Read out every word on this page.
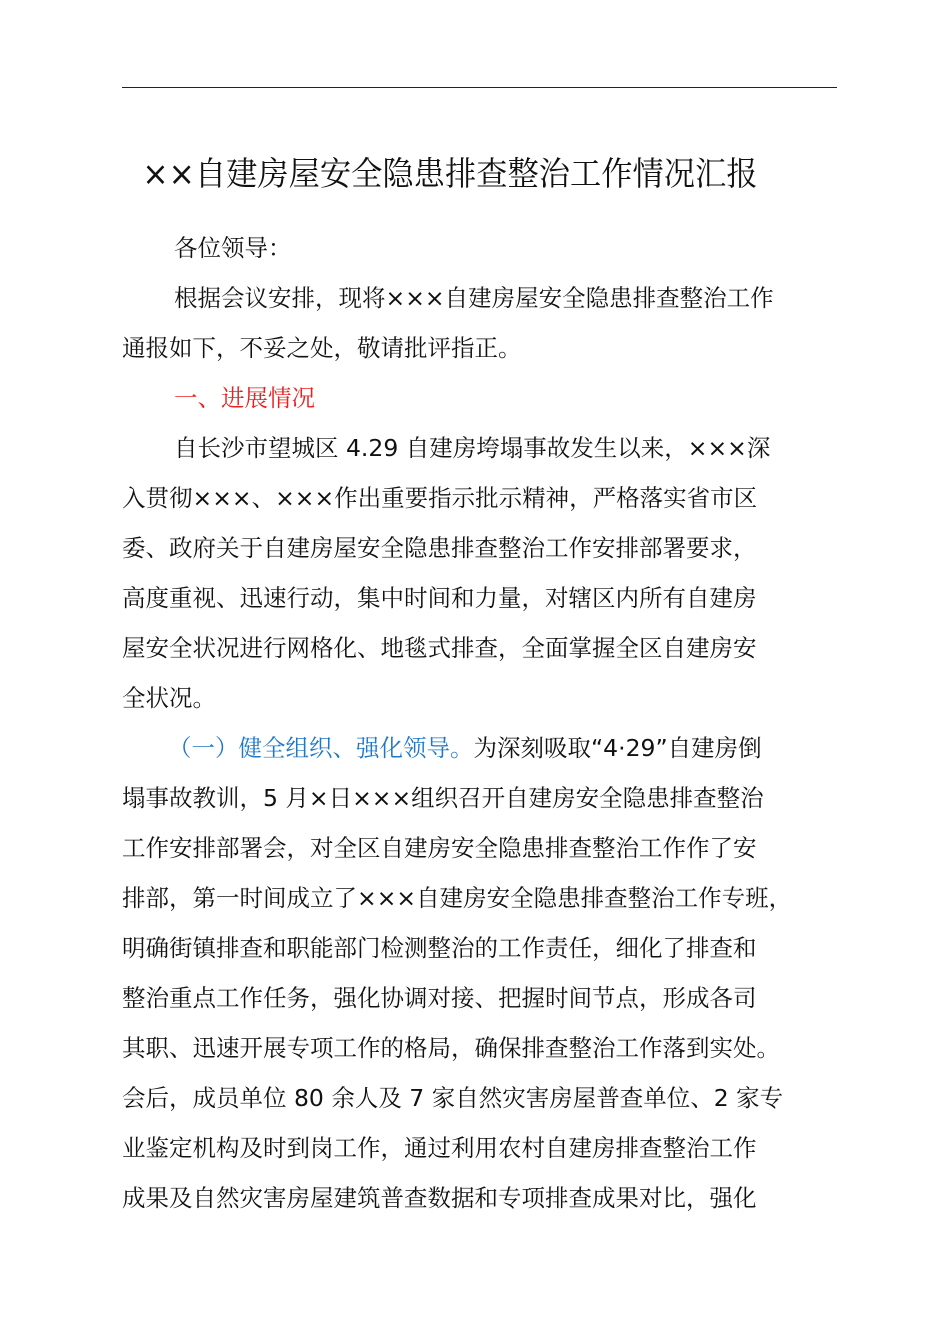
××自建房屋安全隐患排查整治工作情况汇报
各位领导：
根据会议安排，现将×××自建房屋安全隐患排查整治工作
通报如下，不妥之处，敬请批评指正。
一、进展情况
自长沙市望城区 4.29 自建房垮塌事故发生以来，×××深
入贯彻×××、×××作出重要指示批示精神，严格落实省市区
委、政府关于自建房屋安全隐患排查整治工作安排部署要求，
高度重视、迅速行动，集中时间和力量，对辖区内所有自建房
屋安全状况进行网格化、地毯式排查，全面掌握全区自建房安
全状况。
（一）健全组织、强化领导。为深刻吸取“4·29”自建房倒
塌事故教训，5 月×日×××组织召开自建房安全隐患排查整治
工作安排部署会，对全区自建房安全隐患排查整治工作作了安
排部，第一时间成立了×××自建房安全隐患排查整治工作专班，
明确街镇排查和职能部门检测整治的工作责任，细化了排查和
整治重点工作任务，强化协调对接、把握时间节点，形成各司
其职、迅速开展专项工作的格局，确保排查整治工作落到实处。
会后，成员单位 80 余人及 7 家自然灾害房屋普查单位、2 家专
业鉴定机构及时到岗工作，通过利用农村自建房排查整治工作
成果及自然灾害房屋建筑普查数据和专项排查成果对比，强化
